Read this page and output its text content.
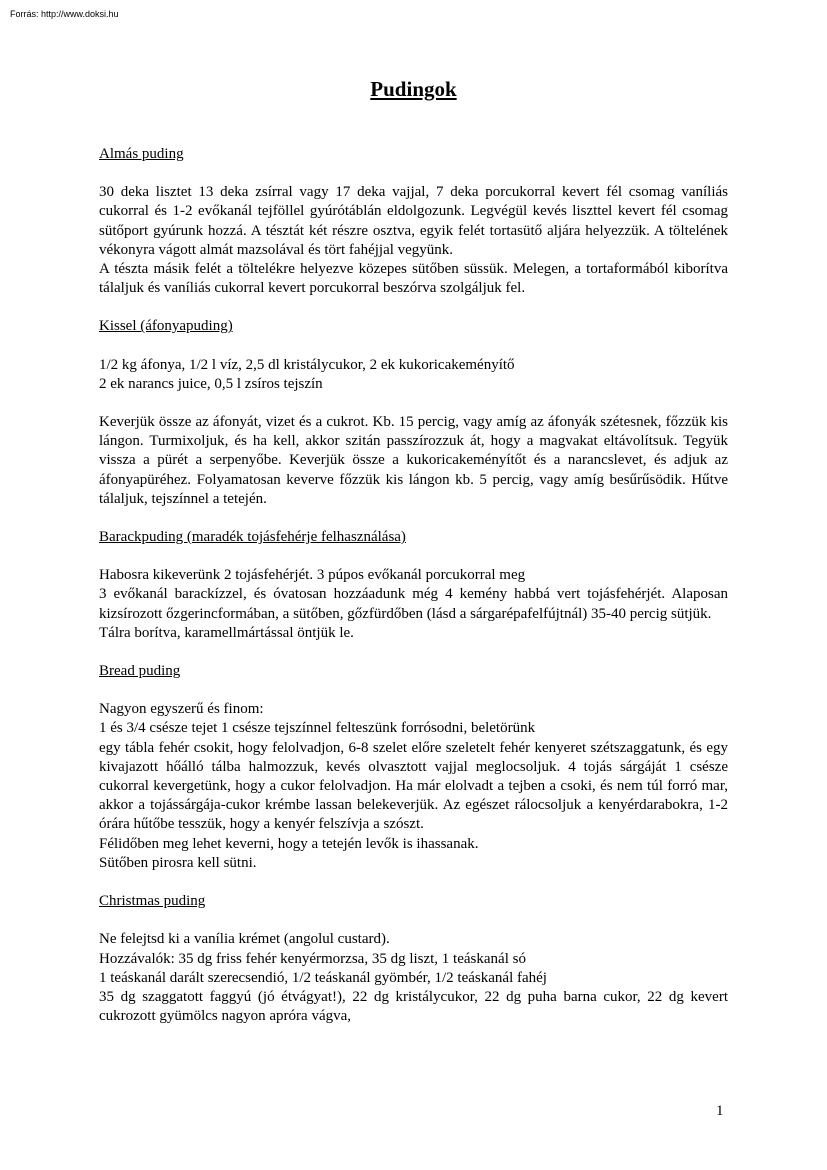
Forrás: http://www.doksi.hu
Pudingok
Almás puding

30 deka lisztet 13 deka zsírral vagy 17 deka vajjal, 7 deka porcukorral kevert fél csomag vaníliás cukorral és 1-2 evőkanál tejföllel gyúrótáblán eldolgozunk. Legvégül kevés liszttel kevert fél csomag sütőport gyúrunk hozzá. A tésztát két részre osztva, egyik felét tortasütő aljára helyezzük. A töltelének vékonyra vágott almát mazsolával és tört fahéjjal vegyünk.

A tészta másik felét a töltelékre helyezve közepes sütőben süssük. Melegen, a tortaformából kiborítva tálaljuk és vaníliás cukorral kevert porcukorral beszórva szolgáljuk fel.

Kissel (áfonyapuding)

1/2 kg áfonya, 1/2 l víz, 2,5 dl kristálycukor, 2 ek kukoricakeményítő

2 ek narancs juice, 0,5 l zsíros tejszín

Keverjük össze az áfonyát, vizet és a cukrot. Kb. 15 percig, vagy amíg az áfonyák szétesnek, főzzük kis lángon. Turmixoljuk, és ha kell, akkor szitán passzírozzuk át, hogy a magvakat eltávolítsuk. Tegyük vissza a pürét a serpenyőbe. Keverjük össze a kukoricakeményítőt és a narancslevet, és adjuk az áfonyapüréhez. Folyamatosan keverve főzzük kis lángon kb. 5 percig, vagy amíg besűrűsödik. Hűtve tálaljuk, tejszínnel a tetején.

Barackpuding (maradék tojásfehérje felhasználása)

Habosra kikeverünk 2 tojásfehérjét. 3 púpos evőkanál porcukorral meg

3 evőkanál barackízzel, és óvatosan hozzáadunk még 4 kemény habbá vert tojásfehérjét. Alaposan kizsírozott őzgerincformában, a sütőben, gőzfürdőben (lásd a sárgarépafelfújtnál) 35-40 percig sütjük.

Tálra borítva, karamellmártással öntjük le.

Bread puding

Nagyon egyszerű és finom:

1 és 3/4 csésze tejet 1 csésze tejszínnel felteszünk forrósodni, beletörünk

egy tábla fehér csokit, hogy felolvadjon, 6-8 szelet előre szeletelt fehér kenyeret szétszaggatunk, és egy kivajazott hőálló tálba halmozzuk, kevés olvasztott vajjal meglocsoljuk. 4 tojás sárgáját 1 csésze cukorral kevergetünk, hogy a cukor felolvadjon. Ha már elolvadt a tejben a csoki, és nem túl forró mar, akkor a tojássárgája-cukor krémbe lassan belekeverjük. Az egészet rálocsoljuk a kenyérdarabokra, 1-2 órára hűtőbe tesszük, hogy a kenyér felszívja a szószt.

Félidőben meg lehet keverni, hogy a tetején levők is ihassanak.

Sütőben pirosra kell sütni.

Christmas puding

Ne felejtsd ki a vanília krémet (angolul custard).

Hozzávalók: 35 dg friss fehér kenyérmorzsa, 35 dg liszt, 1 teáskanál só

1 teáskanál darált szerecsendió, 1/2 teáskanál gyömbér, 1/2 teáskanál fahéj

35 dg szaggatott faggyú (jó étvágyat!), 22 dg kristálycukor, 22 dg puha barna cukor, 22 dg kevert cukrozott gyümölcs nagyon apróra vágva,

1
